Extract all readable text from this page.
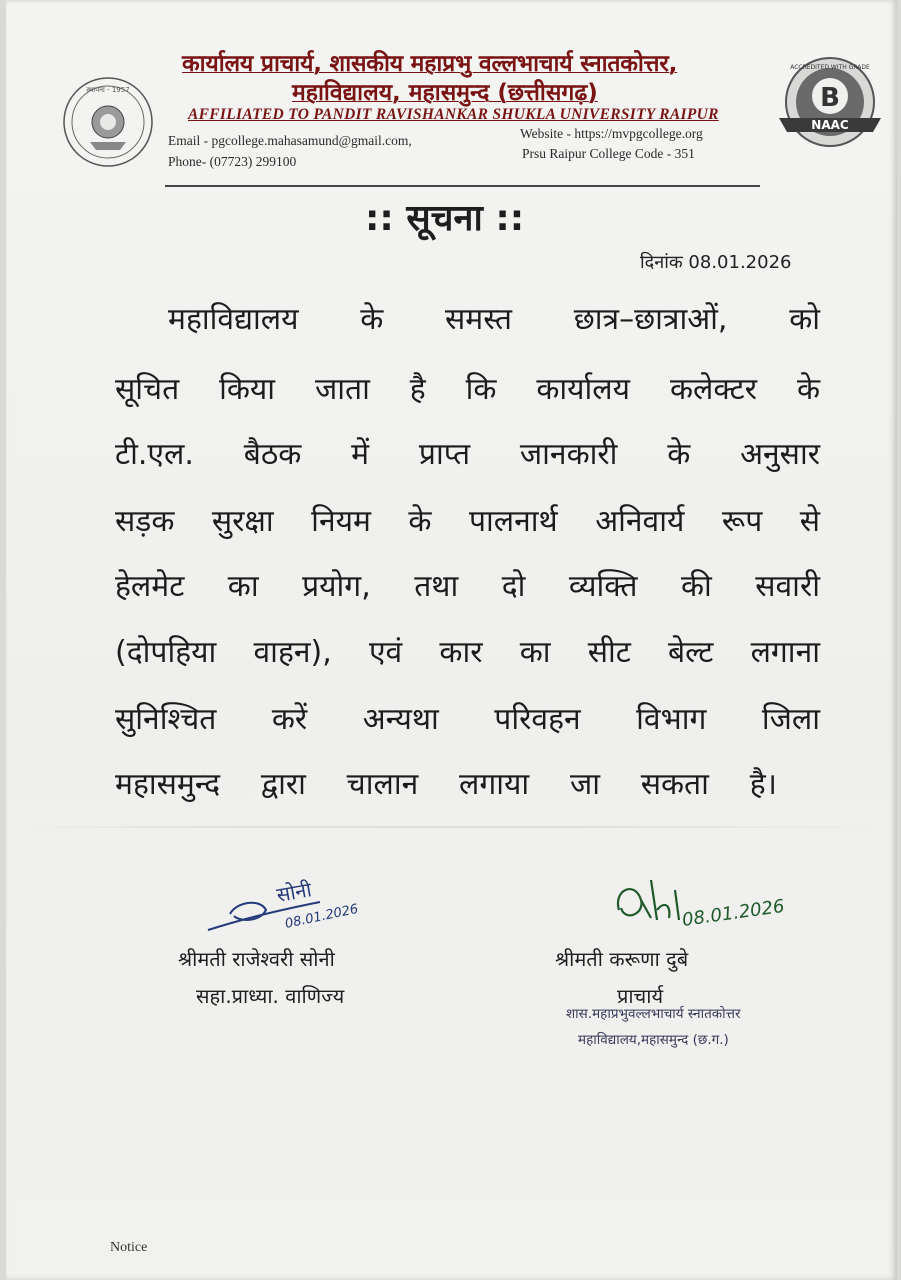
स्थापना - 1957	B
ACCREDITED WITH GRADE
NAAC
कार्यालय प्राचार्य, शासकीय महाप्रभु वल्लभाचार्य स्नातकोत्तर,
महाविद्यालय, महासमुन्द (छत्तीसगढ़)
AFFILIATED TO PANDIT RAVISHANKAR SHUKLA UNIVERSITY RAIPUR
Email - pgcollege.mahasamund@gmail.com,
Phone- (07723) 299100
Website - https://mvpgcollege.org
Prsu Raipur College Code - 351
:: सूचना ::
दिनांक 08.01.2026
महाविद्यालय के समस्त छात्र–छात्राओं, को
सूचित किया जाता है कि कार्यालय कलेक्टर के
टी.एल. बैठक में प्राप्त जानकारी के अनुसार
सड़क सुरक्षा नियम के पालनार्थ अनिवार्य रूप से
हेलमेट का प्रयोग, तथा दो व्यक्ति की सवारी
(दोपहिया वाहन), एवं कार का सीट बेल्ट लगाना
सुनिश्चित करें अन्यथा परिवहन विभाग जिला
महासमुन्द द्वारा चालान लगाया जा सकता है।
सोनी
08.01.2026
श्रीमती राजेश्वरी सोनी
सहा.प्राध्या. वाणिज्य
08.01.2026
श्रीमती करूणा दुबे
प्राचार्य
शास.महाप्रभुवल्लभाचार्य स्नातकोत्तर
महाविद्यालय,महासमुन्द (छ.ग.)
Notice
